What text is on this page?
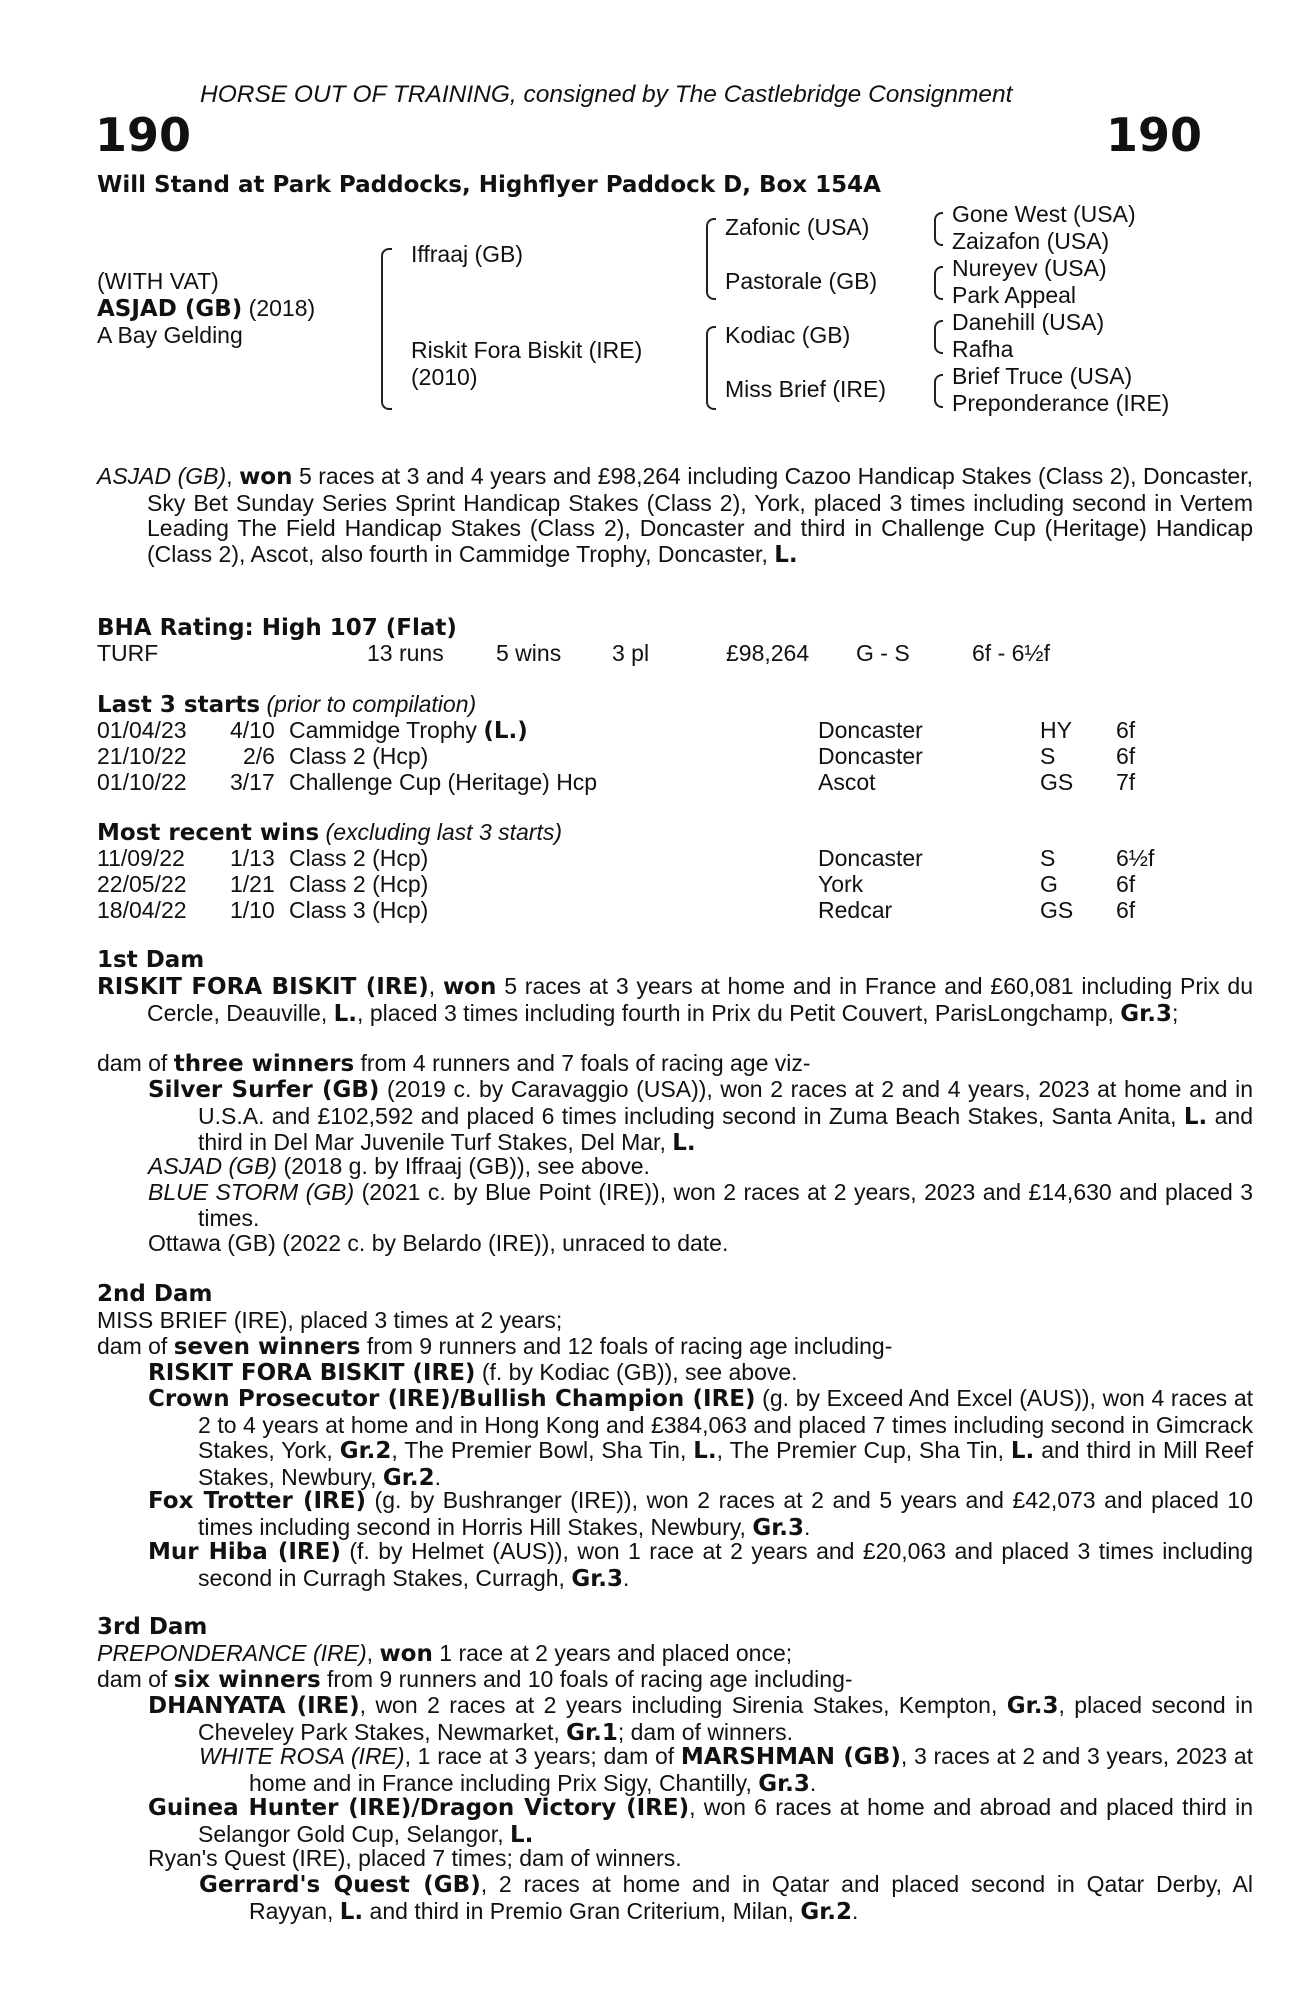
HORSE OUT OF TRAINING, consigned by The Castlebridge Consignment
190	190
Will Stand at Park Paddocks, Highflyer Paddock D, Box 154A
(WITH VAT)
ASJAD (GB) (2018)
A Bay Gelding
Iffraaj (GB)
Riskit Fora Biskit (IRE)
(2010)
Zafonic (USA)
Pastorale (GB)
Kodiac (GB)
Miss Brief (IRE)
Gone West (USA)
Zaizafon (USA)
Nureyev (USA)
Park Appeal
Danehill (USA)
Rafha
Brief Truce (USA)
Preponderance (IRE)
ASJAD (GB), won 5 races at 3 and 4 years and £98,264 including Cazoo Handicap Stakes (Class 2), Doncaster, Sky Bet Sunday Series Sprint Handicap Stakes (Class 2), York, placed 3 times including second in Vertem Leading The Field Handicap Stakes (Class 2), Doncaster and third in Challenge Cup (Heritage) Handicap (Class 2), Ascot, also fourth in Cammidge Trophy, Doncaster, L.
BHA Rating: High 107 (Flat)
TURF	13 runs 5 wins 3 pl	£98,264 G - S	6f - 6½f
Last 3 starts (prior to compilation)
01/04/23 4/10 Cammidge Trophy (L.)	Doncaster	HY 6f
21/10/22 2/6 Class 2 (Hcp)	Doncaster	S	6f
01/10/22 3/17 Challenge Cup (Heritage) Hcp	Ascot	GS 7f
Most recent wins (excluding last 3 starts)
11/09/22 1/13 Class 2 (Hcp)	Doncaster	S	6½f
22/05/22 1/21 Class 2 (Hcp)	York	G	6f
18/04/22 1/10 Class 3 (Hcp)	Redcar	GS 6f
1st Dam
RISKIT FORA BISKIT (IRE), won 5 races at 3 years at home and in France and £60,081 including Prix du Cercle, Deauville, L., placed 3 times including fourth in Prix du Petit Couvert, ParisLongchamp, Gr.3;
dam of three winners from 4 runners and 7 foals of racing age viz-
Silver Surfer (GB) (2019 c. by Caravaggio (USA)), won 2 races at 2 and 4 years, 2023 at home and in U.S.A. and £102,592 and placed 6 times including second in Zuma Beach Stakes, Santa Anita, L. and third in Del Mar Juvenile Turf Stakes, Del Mar, L.
ASJAD (GB) (2018 g. by Iffraaj (GB)), see above.
BLUE STORM (GB) (2021 c. by Blue Point (IRE)), won 2 races at 2 years, 2023 and £14,630 and placed 3 times.
Ottawa (GB) (2022 c. by Belardo (IRE)), unraced to date.
2nd Dam
MISS BRIEF (IRE), placed 3 times at 2 years;
dam of seven winners from 9 runners and 12 foals of racing age including-
RISKIT FORA BISKIT (IRE) (f. by Kodiac (GB)), see above.
Crown Prosecutor (IRE)/Bullish Champion (IRE) (g. by Exceed And Excel (AUS)), won 4 races at 2 to 4 years at home and in Hong Kong and £384,063 and placed 7 times including second in Gimcrack Stakes, York, Gr.2, The Premier Bowl, Sha Tin, L., The Premier Cup, Sha Tin, L. and third in Mill Reef Stakes, Newbury, Gr.2.
Fox Trotter (IRE) (g. by Bushranger (IRE)), won 2 races at 2 and 5 years and £42,073 and placed 10 times including second in Horris Hill Stakes, Newbury, Gr.3.
Mur Hiba (IRE) (f. by Helmet (AUS)), won 1 race at 2 years and £20,063 and placed 3 times including second in Curragh Stakes, Curragh, Gr.3.
3rd Dam
PREPONDERANCE (IRE), won 1 race at 2 years and placed once;
dam of six winners from 9 runners and 10 foals of racing age including-
DHANYATA (IRE), won 2 races at 2 years including Sirenia Stakes, Kempton, Gr.3, placed second in Cheveley Park Stakes, Newmarket, Gr.1; dam of winners.
WHITE ROSA (IRE), 1 race at 3 years; dam of MARSHMAN (GB), 3 races at 2 and 3 years, 2023 at home and in France including Prix Sigy, Chantilly, Gr.3.
Guinea Hunter (IRE)/Dragon Victory (IRE), won 6 races at home and abroad and placed third in Selangor Gold Cup, Selangor, L.
Ryan's Quest (IRE), placed 7 times; dam of winners.
Gerrard's Quest (GB), 2 races at home and in Qatar and placed second in Qatar Derby, Al Rayyan, L. and third in Premio Gran Criterium, Milan, Gr.2.
